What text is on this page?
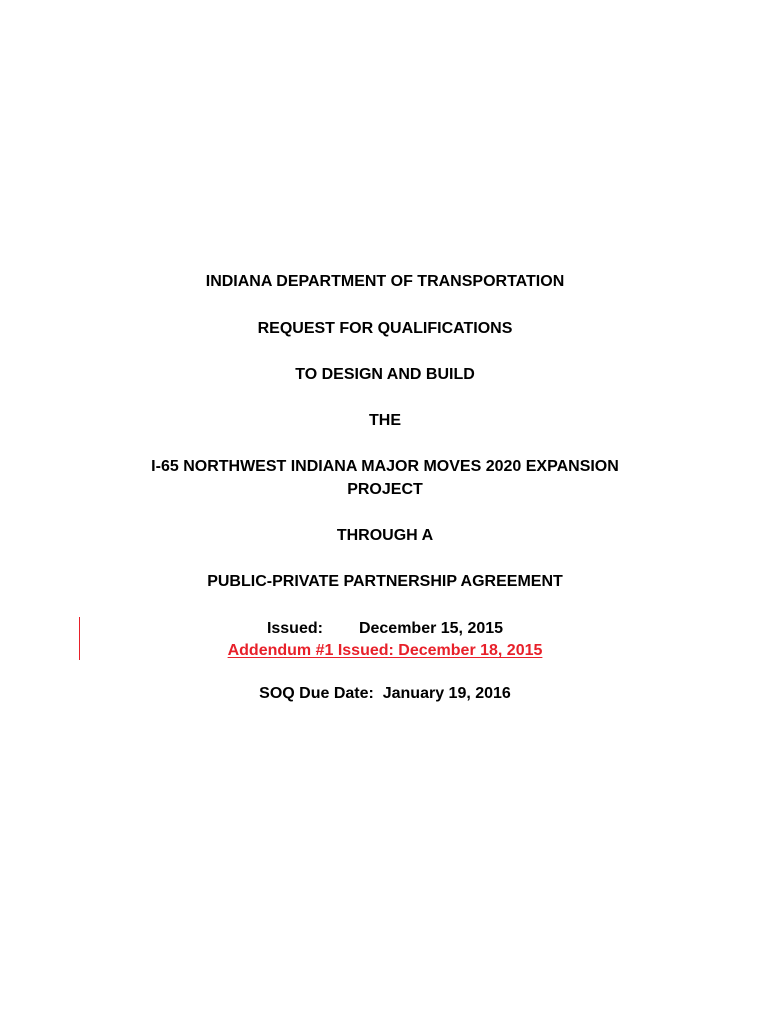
INDIANA DEPARTMENT OF TRANSPORTATION
REQUEST FOR QUALIFICATIONS
TO DESIGN AND BUILD
THE
I-65 NORTHWEST INDIANA MAJOR MOVES 2020 EXPANSION
PROJECT
THROUGH A
PUBLIC-PRIVATE PARTNERSHIP AGREEMENT
Issued:	December 15, 2015
Addendum #1 Issued: December 18, 2015
SOQ Due Date:  January 19, 2016
